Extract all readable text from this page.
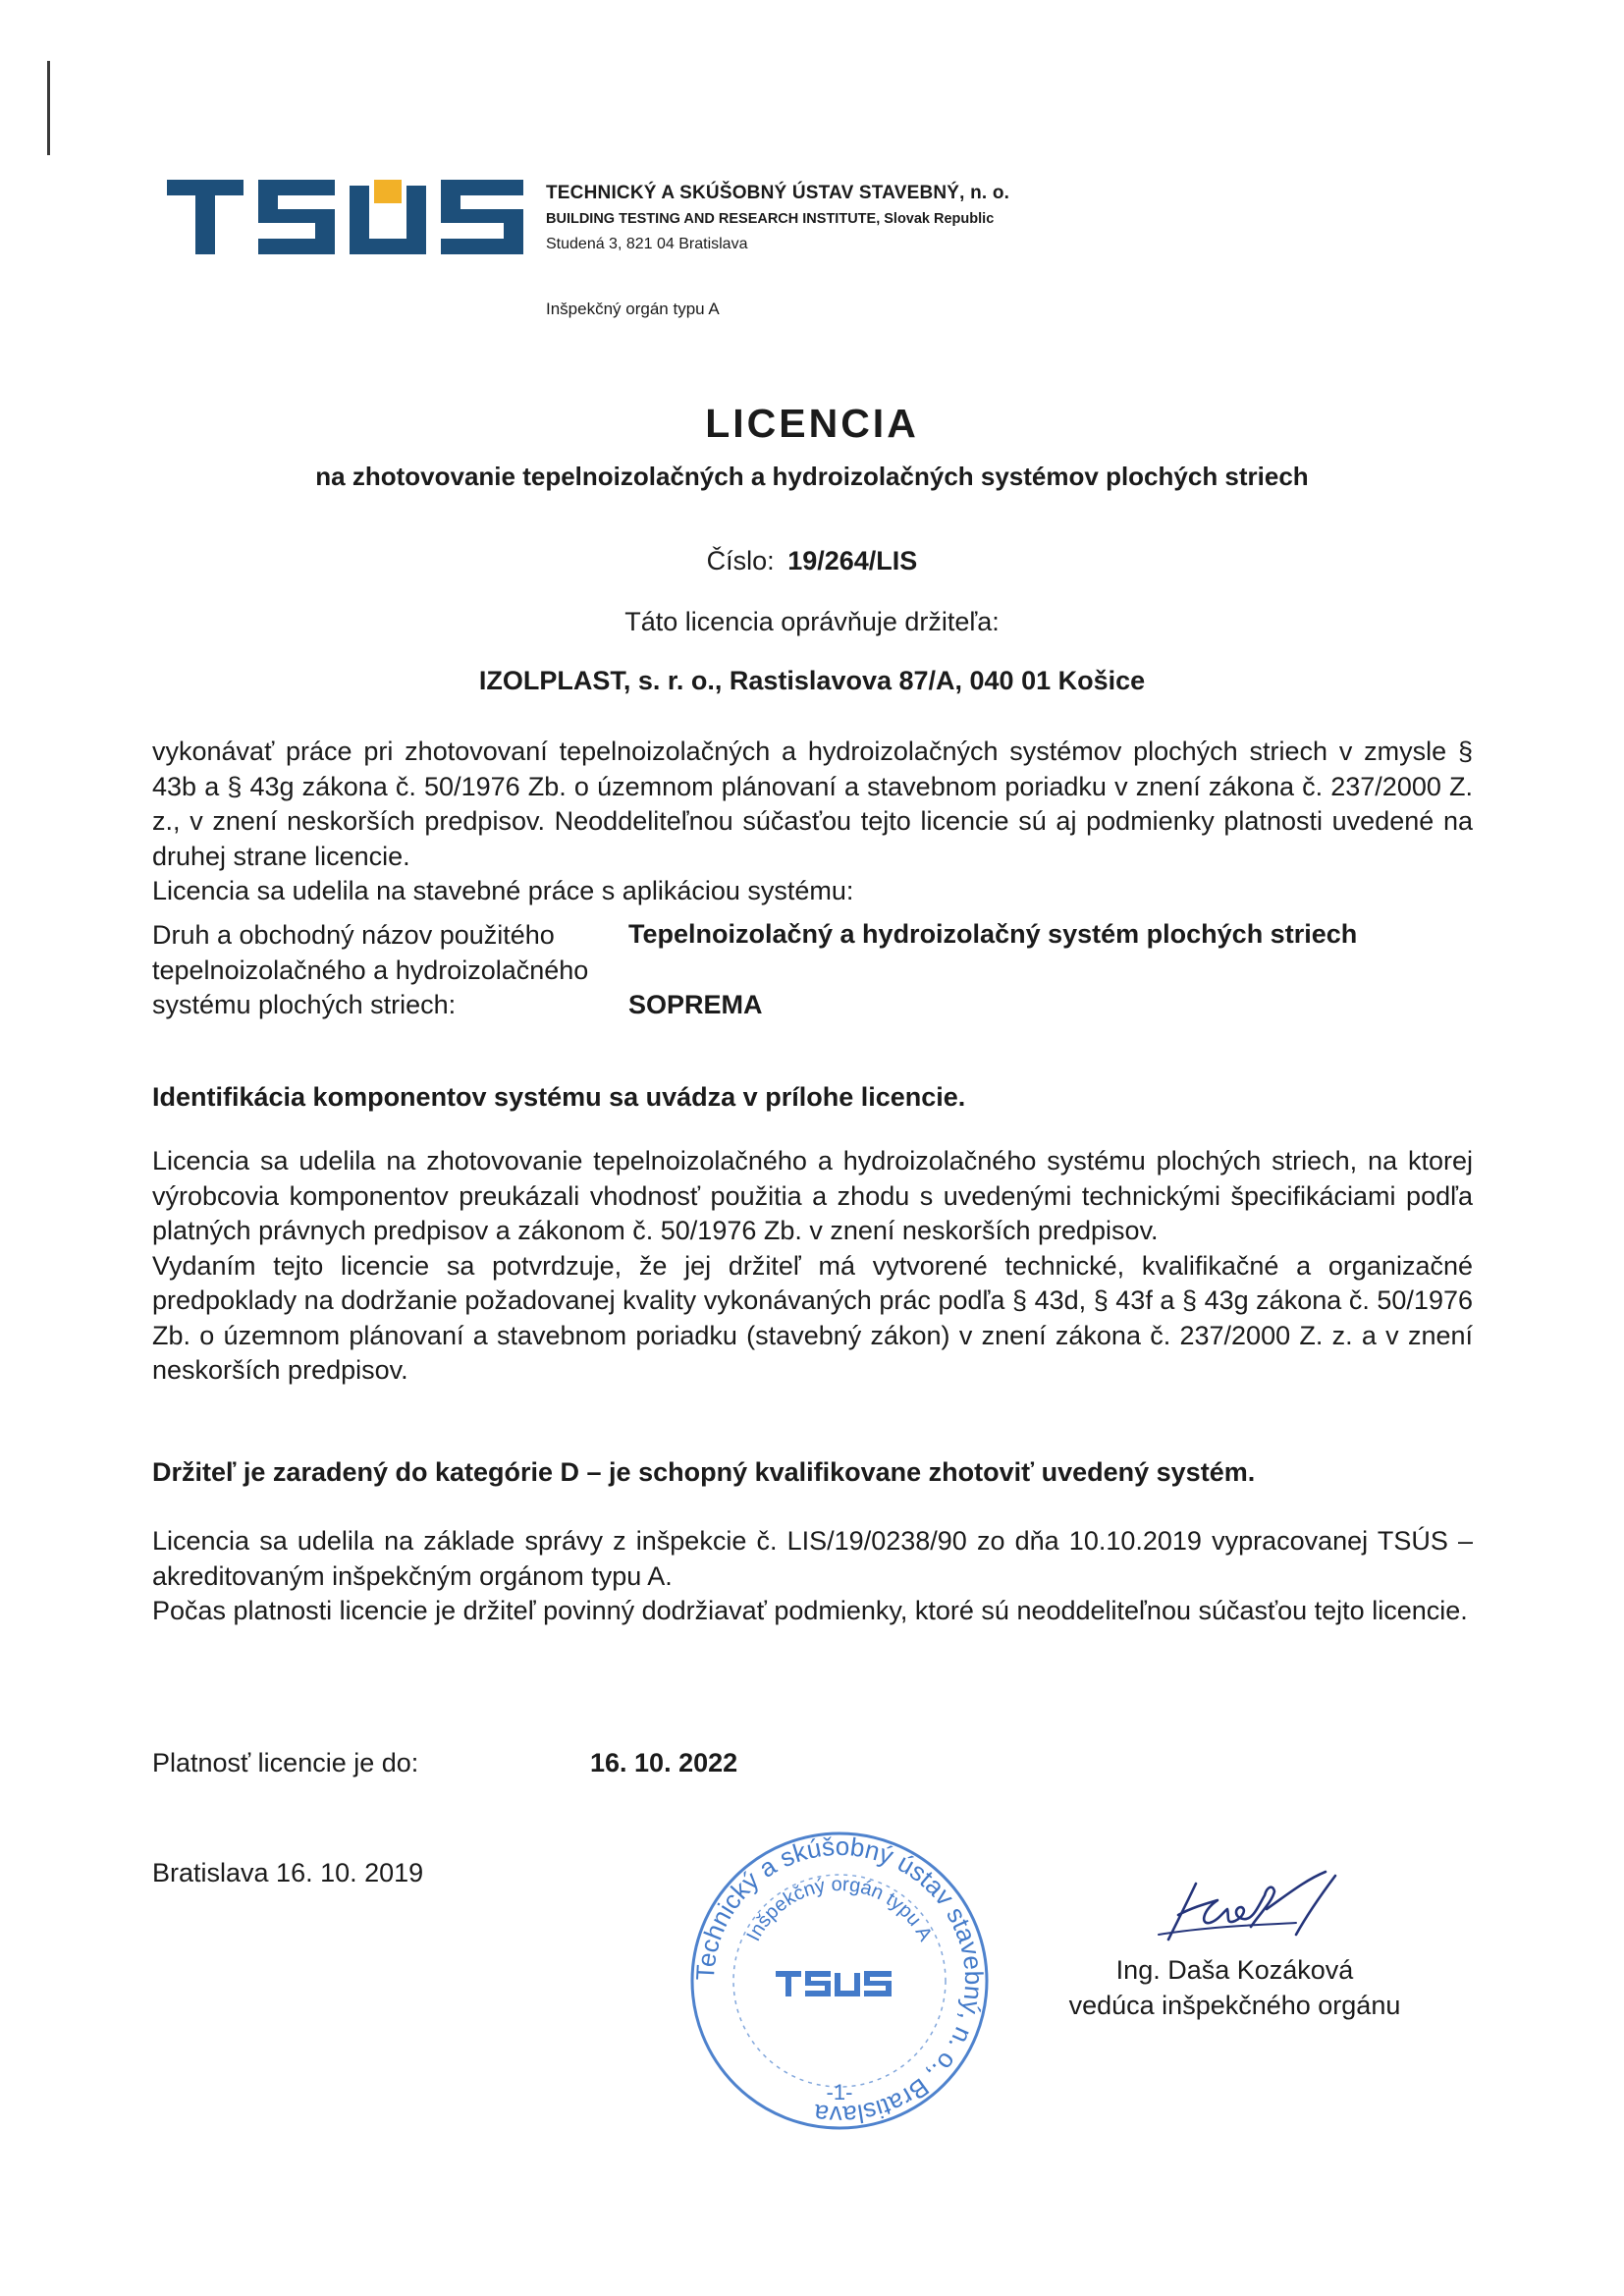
TECHNICKÝ A SKÚŠOBNÝ ÚSTAV STAVEBNÝ, n. o.
BUILDING TESTING AND RESEARCH INSTITUTE, Slovak Republic
Studená 3, 821 04 Bratislava
Inšpekčný orgán typu A
LICENCIA
na zhotovovanie tepelnoizolačných a hydroizolačných systémov plochých striech
Číslo: 19/264/LIS
Táto licencia oprávňuje držiteľa:
IZOLPLAST, s. r. o., Rastislavova 87/A, 040 01 Košice
vykonávať práce pri zhotovovaní tepelnoizolačných a hydroizolačných systémov plochých striech v zmysle § 43b a § 43g zákona č. 50/1976 Zb. o územnom plánovaní a stavebnom poriadku v znení zákona č. 237/2000 Z. z., v znení neskorších predpisov. Neoddeliteľnou súčasťou tejto licencie sú aj podmienky platnosti uvedené na druhej strane licencie.
Licencia sa udelila na stavebné práce s aplikáciou systému:
Druh a obchodný názov použitého tepelnoizolačného a hydroizolačného systému plochých striech:
Tepelnoizolačný a hydroizolačný systém plochých striech
SOPREMA
Identifikácia komponentov systému sa uvádza v prílohe licencie.
Licencia sa udelila na zhotovovanie tepelnoizolačného a hydroizolačného systému plochých striech, na ktorej výrobcovia komponentov preukázali vhodnosť použitia a zhodu s uvedenými technickými špecifikáciami podľa platných právnych predpisov a zákonom č. 50/1976 Zb. v znení neskorších predpisov.
Vydaním tejto licencie sa potvrdzuje, že jej držiteľ má vytvorené technické, kvalifikačné a organizačné predpoklady na dodržanie požadovanej kvality vykonávaných prác podľa § 43d, § 43f a § 43g zákona č. 50/1976 Zb. o územnom plánovaní a stavebnom poriadku (stavebný zákon) v znení zákona č. 237/2000 Z. z. a v znení neskorších predpisov.
Držiteľ je zaradený do kategórie D – je schopný kvalifikovane zhotoviť uvedený systém.
Licencia sa udelila na základe správy z inšpekcie č. LIS/19/0238/90 zo dňa 10.10.2019 vypracovanej TSÚS – akreditovaným inšpekčným orgánom typu A.
Počas platnosti licencie je držiteľ povinný dodržiavať podmienky, ktoré sú neoddeliteľnou súčasťou tejto licencie.
Platnosť licencie je do:	16. 10. 2022
Bratislava 16. 10. 2019
Technický a skúšobný ústav stavebný, n. o., Bratislava
Inšpekčný orgán typu A
-1-
Ing. Daša Kozáková
vedúca inšpekčného orgánu
